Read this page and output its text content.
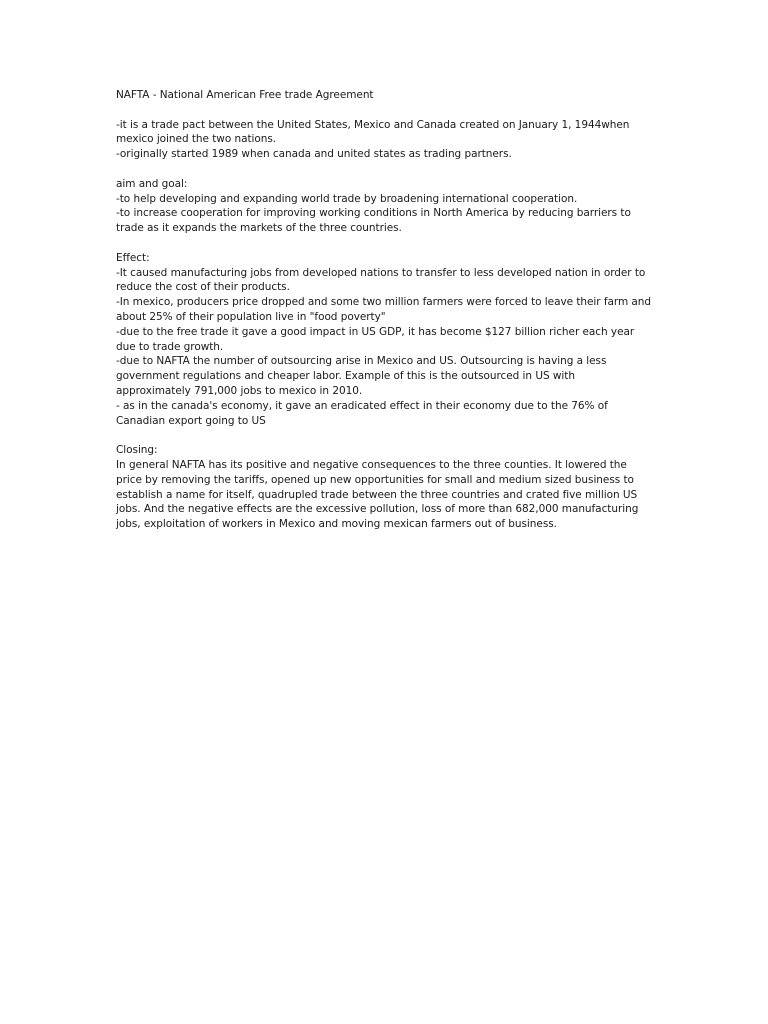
NAFTA - National American Free trade Agreement
-it is a trade pact between the United States, Mexico and Canada created on January 1, 1944when mexico joined the two nations.
-originally started 1989 when canada and united states as trading partners.
aim and goal:
-to help developing and expanding world trade by broadening international cooperation.
-to increase cooperation for improving working conditions in North America by reducing barriers to trade as it expands the markets of the three countries.
Effect:
-It caused manufacturing jobs from developed nations to transfer to less developed nation in order to reduce the cost of their products.
-In mexico, producers price dropped and some two million farmers were forced to leave their farm and about 25% of their population live in "food poverty"
-due to the free trade it gave a good impact in US GDP, it has become $127 billion richer each year due to trade growth.
-due to NAFTA the number of outsourcing arise in Mexico and US. Outsourcing is having a less government regulations and cheaper labor. Example of this is the outsourced in US with approximately 791,000 jobs to mexico in 2010.
- as in the canada's economy, it gave an eradicated effect in their economy due to the 76% of Canadian export going to US
Closing:
In general NAFTA has its positive and negative consequences to the three counties. It lowered the price by removing the tariffs, opened up new opportunities for small and medium sized business to establish a name for itself, quadrupled trade between the three countries and crated five million US jobs. And the negative effects are the excessive pollution, loss of more than 682,000 manufacturing jobs, exploitation of workers in Mexico and moving mexican farmers out of business.
